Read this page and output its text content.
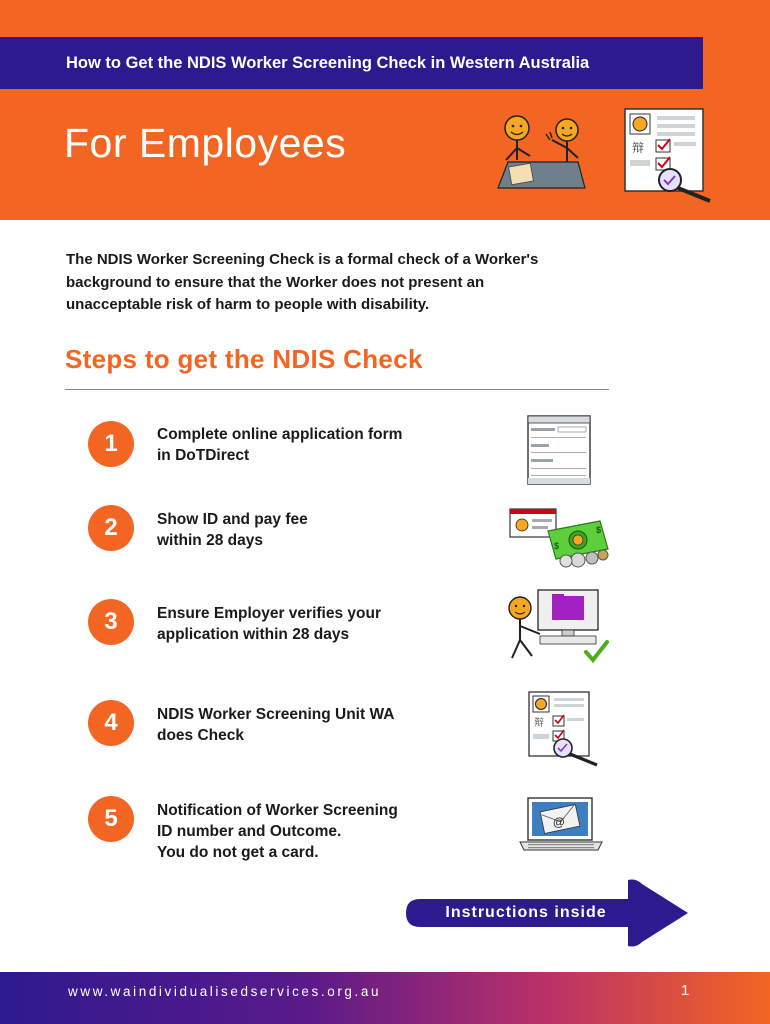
How to Get the NDIS Worker Screening Check in Western Australia
For Employees	辩
The NDIS Worker Screening Check is a formal check of a Worker's
background to ensure that the Worker does not present an
unacceptable risk of harm to people with disability.
Steps to get the NDIS Check
1	Complete online application form
in DoTDirect
2	Show ID and pay fee
within 28 days	$
$
3	Ensure Employer verifies your
application within 28 days
4	NDIS Worker Screening Unit WA
does Check
辩
5	Notification of Worker Screening
ID number and Outcome.
You do not get a card.
@
Instructions inside
www.waindividualisedservices.org.au	1
